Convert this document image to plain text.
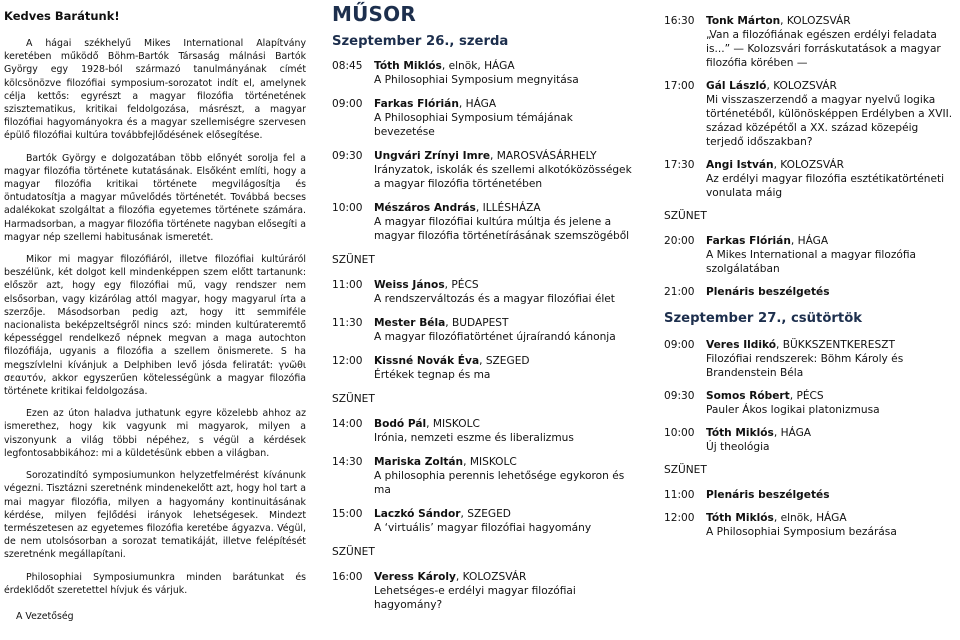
Kedves Barátunk!

A hágai székhelyű Mikes International Alapítvány keretében működő Böhm-Bartók Társaság málnási Bartók György egy 1928-ból származó tanulmányának címét kölcsönözve filozófiai symposium-sorozatot indít el, amelynek célja kettős: egyrészt a magyar filozófia történetének szisztematikus, kritikai feldolgozása, másrészt, a magyar filozófiai hagyományokra és a magyar szellemiségre szervesen épülő filozófiai kultúra továbbfejlődésének elősegítése.

Bartók György e dolgozatában több előnyét sorolja fel a magyar filozófia története kutatásának. Elsőként említi, hogy a magyar filozófia kritikai története megvilágosítja és öntudatosítja a magyar művelődés történetét. Továbbá becses adalékokat szolgáltat a filozófia egyetemes története számára. Harmadsorban, a magyar filozófia története nagyban elősegíti a magyar nép szellemi habitusának ismeretét.

Mikor mi magyar filozófiáról, illetve filozófiai kultúráról beszélünk, két dolgot kell mindenképpen szem előtt tartanunk: először azt, hogy egy filozófiai mű, vagy rendszer nem elsősorban, vagy kizárólag attól magyar, hogy magyarul írta a szerzője. Másodsorban pedig azt, hogy itt semmiféle nacionalista beképzeltségről nincs szó: minden kultúrateremtő képességgel rendelkező népnek megvan a maga autochton filozófiája, ugyanis a filozófia a szellem önismerete. S ha megszívlelni kívánjuk a Delphiben levő jósda feliratát: γνῶθι σεαυτόν, akkor egyszerűen kötelességünk a magyar filozófia története kritikai feldolgozása.

Ezen az úton haladva juthatunk egyre közelebb ahhoz az ismerethez, hogy kik vagyunk mi magyarok, milyen a viszonyunk a világ többi népéhez, s végül a kérdések legfontosabbikához: mi a küldetésünk ebben a világban.

Sorozatindító symposiumunkon helyzetfelmérést kívánunk végezni. Tisztázni szeretnénk mindenekelőtt azt, hogy hol tart a mai magyar filozófia, milyen a hagyomány kontinuitásának kérdése, milyen fejlődési irányok lehetségesek. Mindezt természetesen az egyetemes filozófia keretébe ágyazva. Végül, de nem utolsósorban a sorozat tematikáját, illetve felépítését szeretnénk megállapítani.

Philosophiai Symposiumunkra minden barátunkat és érdeklődőt szeretettel hívjuk és várjuk.

A Vezetőség
MŰSOR
Szeptember 26., szerda
08:45	Tóth Miklós, elnök, HÁGA
A Philosophiai Symposium megnyitása
09:00	Farkas Flórián, HÁGA
A Philosophiai Symposium témájának bevezetése
09:30	Ungvári Zrínyi Imre, MAROSVÁSÁRHELY
Irányzatok, iskolák és szellemi alkotóközösségek a magyar filozófia történetében
10:00	Mészáros András, ILLÉSHÁZA
A magyar filozófiai kultúra múltja és jelene a magyar filozófia történetírásának szemszögéből
SZÜNET
11:00	Weiss János, PÉCS
A rendszerváltozás és a magyar filozófiai élet
11:30	Mester Béla, BUDAPEST
A magyar filozófiatörténet újraírandó kánonja
12:00	Kissné Novák Éva, SZEGED
Értékek tegnap és ma
SZÜNET
14:00	Bodó Pál, MISKOLC
Irónia, nemzeti eszme és liberalizmus
14:30	Mariska Zoltán, MISKOLC
A philosophia perennis lehetősége egykoron és ma
15:00	Laczkó Sándor, SZEGED
A ‘virtuális’ magyar filozófiai hagyomány
SZÜNET
16:00	Veress Károly, KOLOZSVÁR
Lehetséges-e erdélyi magyar filozófiai hagyomány?
16:30	Tonk Márton, KOLOZSVÁR
„Van a filozófiának egészen erdélyi feladata is...” — Kolozsvári forráskutatások a magyar filozófia körében —
17:00	Gál László, KOLOZSVÁR
Mi visszaszerzendő a magyar nyelvű logika történetéből, különösképpen Erdélyben a XVII. század középétől a XX. század közepéig terjedő időszakban?
17:30	Angi István, KOLOZSVÁR
Az erdélyi magyar filozófia esztétikatörténeti vonulata máig
SZÜNET
20:00	Farkas Flórián, HÁGA
A Mikes International a magyar filozófia szolgálatában
21:00	Plenáris beszélgetés
Szeptember 27., csütörtök
09:00	Veres Ildikó, BÜKKSZENTKERESZT
Filozófiai rendszerek: Böhm Károly és Brandenstein Béla
09:30	Somos Róbert, PÉCS
Pauler Ákos logikai platonizmusa
10:00	Tóth Miklós, HÁGA
Új theológia
SZÜNET
11:00	Plenáris beszélgetés
12:00	Tóth Miklós, elnök, HÁGA
A Philosophiai Symposium bezárása
